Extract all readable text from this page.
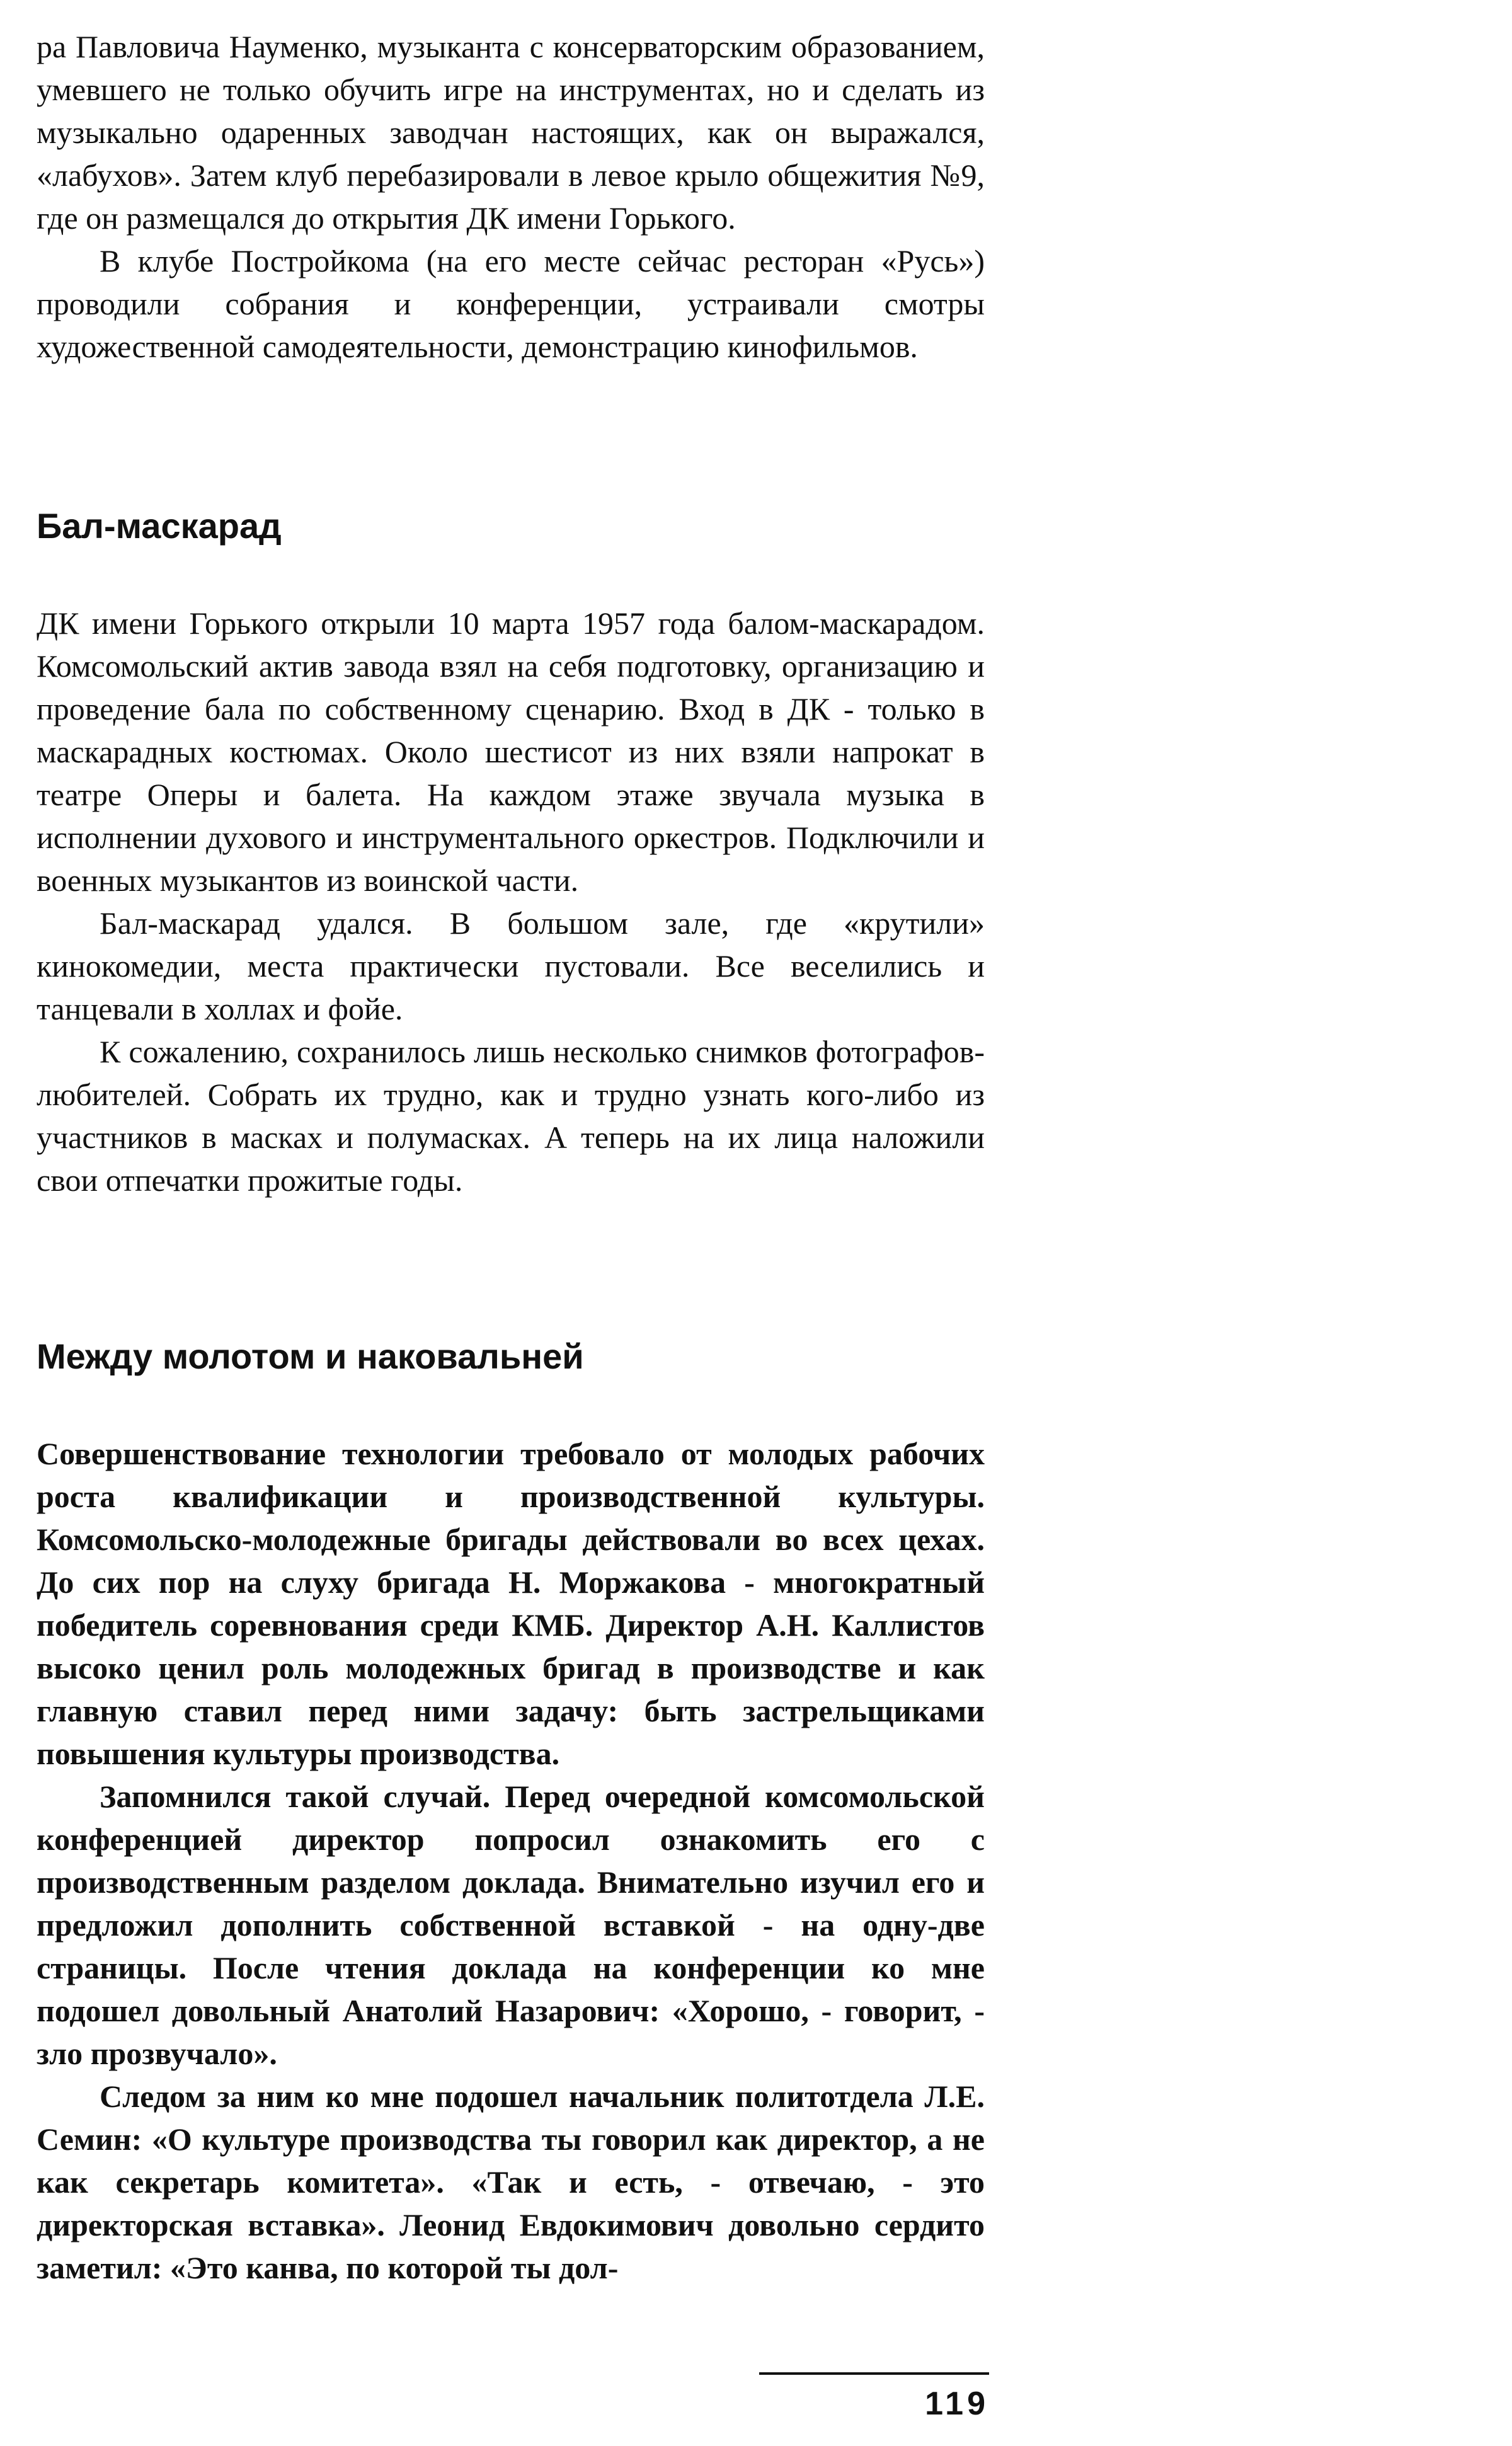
ра Павловича Науменко, музыканта с консерваторским образованием, умевшего не только обучить игре на инструментах, но и сделать из музыкально одаренных заводчан настоящих, как он выражался, «лабухов». Затем клуб перебазировали в левое крыло общежития №9, где он размещался до открытия ДК имени Горького.

В клубе Постройкома (на его месте сейчас ресторан «Русь») проводили собрания и конференции, устраивали смотры художественной самодеятельности, демонстрацию кинофильмов.

Бал-маскарад

ДК имени Горького открыли 10 марта 1957 года балом-маскарадом. Комсомольский актив завода взял на себя подготовку, организацию и проведение бала по собственному сценарию. Вход в ДК - только в маскарадных костюмах. Около шестисот из них взяли напрокат в театре Оперы и балета. На каждом этаже звучала музыка в исполнении духового и инструментального оркестров. Подключили и военных музыкантов из воинской части.

Бал-маскарад удался. В большом зале, где «крутили» кинокомедии, места практически пустовали. Все веселились и танцевали в холлах и фойе.

К сожалению, сохранилось лишь несколько снимков фотографов-любителей. Собрать их трудно, как и трудно узнать кого-либо из участников в масках и полумасках. А теперь на их лица наложили свои отпечатки прожитые годы.

Между молотом и наковальней

Совершенствование технологии требовало от молодых рабочих роста квалификации и производственной культуры. Комсомольско-молодежные бригады действовали во всех цехах. До сих пор на слуху бригада Н. Моржакова - многократный победитель соревнования среди КМБ. Директор А.Н. Каллистов высоко ценил роль молодежных бригад в производстве и как главную ставил перед ними задачу: быть застрельщиками повышения культуры производства.

Запомнился такой случай. Перед очередной комсомольской конференцией директор попросил ознакомить его с производственным разделом доклада. Внимательно изучил его и предложил дополнить собственной вставкой - на одну-две страницы. После чтения доклада на конференции ко мне подошел довольный Анатолий Назарович: «Хорошо, - говорит, - зло прозвучало».

Следом за ним ко мне подошел начальник политотдела Л.Е. Семин: «О культуре производства ты говорил как директор, а не как секретарь комитета». «Так и есть, - отвечаю, - это директорская вставка». Леонид Евдокимович довольно сердито заметил: «Это канва, по которой ты дол-

119
